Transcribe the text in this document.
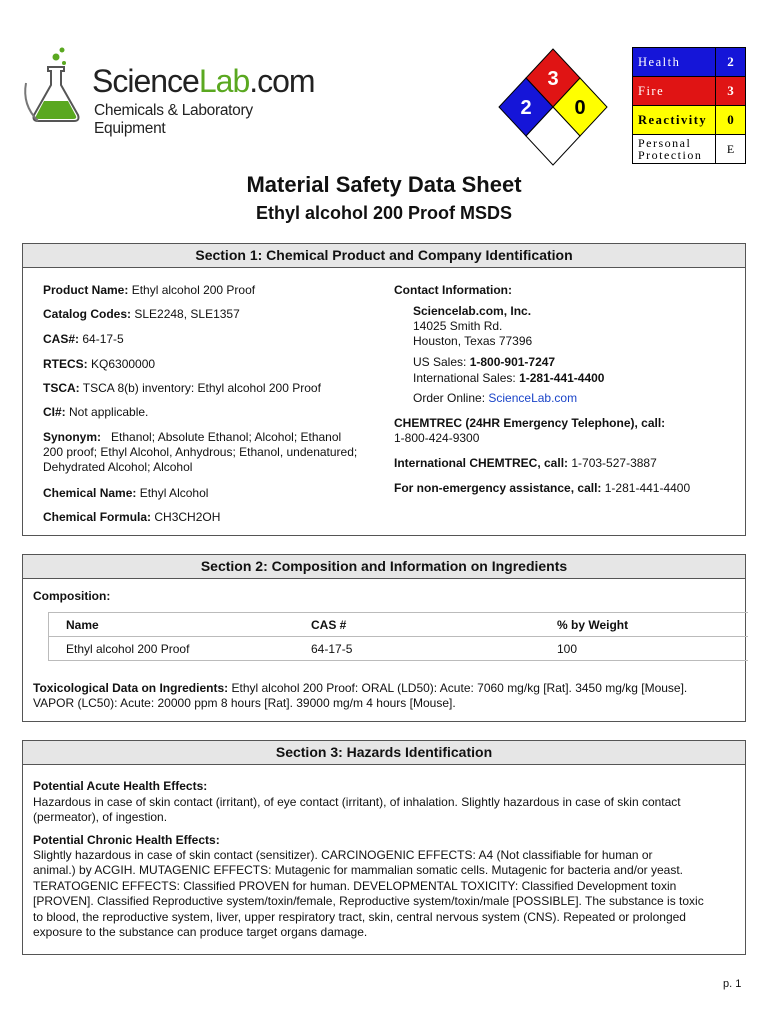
ScienceLab.com
Chemicals & Laboratory Equipment
3
2 0
Health	2
Fire	3
Reactivity	0
Personal
Protection	E
Material Safety Data Sheet
Ethyl alcohol 200 Proof MSDS
Section 1: Chemical Product and Company Identification
Product Name: Ethyl alcohol 200 Proof
Catalog Codes: SLE2248, SLE1357
CAS#: 64-17-5
RTECS: KQ6300000
TSCA: TSCA 8(b) inventory: Ethyl alcohol 200 Proof
CI#: Not applicable.
Synonym:   Ethanol; Absolute Ethanol; Alcohol; Ethanol
200 proof; Ethyl Alcohol, Anhydrous; Ethanol, undenatured;
Dehydrated Alcohol; Alcohol
Chemical Name: Ethyl Alcohol
Chemical Formula: CH3CH2OH
Contact Information:
Sciencelab.com, Inc.
14025 Smith Rd.
Houston, Texas 77396
US Sales: 1-800-901-7247
International Sales: 1-281-441-4400
Order Online: ScienceLab.com
CHEMTREC (24HR Emergency Telephone), call:
1-800-424-9300
International CHEMTREC, call: 1-703-527-3887
For non-emergency assistance, call: 1-281-441-4400
Section 2: Composition and Information on Ingredients
Composition:
Name	CAS #	% by Weight
Ethyl alcohol 200 Proof	64-17-5	100
Toxicological Data on Ingredients: Ethyl alcohol 200 Proof: ORAL (LD50): Acute: 7060 mg/kg [Rat]. 3450 mg/kg [Mouse].
VAPOR (LC50): Acute: 20000 ppm 8 hours [Rat]. 39000 mg/m 4 hours [Mouse].
Section 3: Hazards Identification
Potential Acute Health Effects:
Hazardous in case of skin contact (irritant), of eye contact (irritant), of inhalation. Slightly hazardous in case of skin contact
(permeator), of ingestion.
Potential Chronic Health Effects:
Slightly hazardous in case of skin contact (sensitizer). CARCINOGENIC EFFECTS: A4 (Not classifiable for human or
animal.) by ACGIH. MUTAGENIC EFFECTS: Mutagenic for mammalian somatic cells. Mutagenic for bacteria and/or yeast.
TERATOGENIC EFFECTS: Classified PROVEN for human. DEVELOPMENTAL TOXICITY: Classified Development toxin
[PROVEN]. Classified Reproductive system/toxin/female, Reproductive system/toxin/male [POSSIBLE]. The substance is toxic
to blood, the reproductive system, liver, upper respiratory tract, skin, central nervous system (CNS). Repeated or prolonged
exposure to the substance can produce target organs damage.
p. 1
